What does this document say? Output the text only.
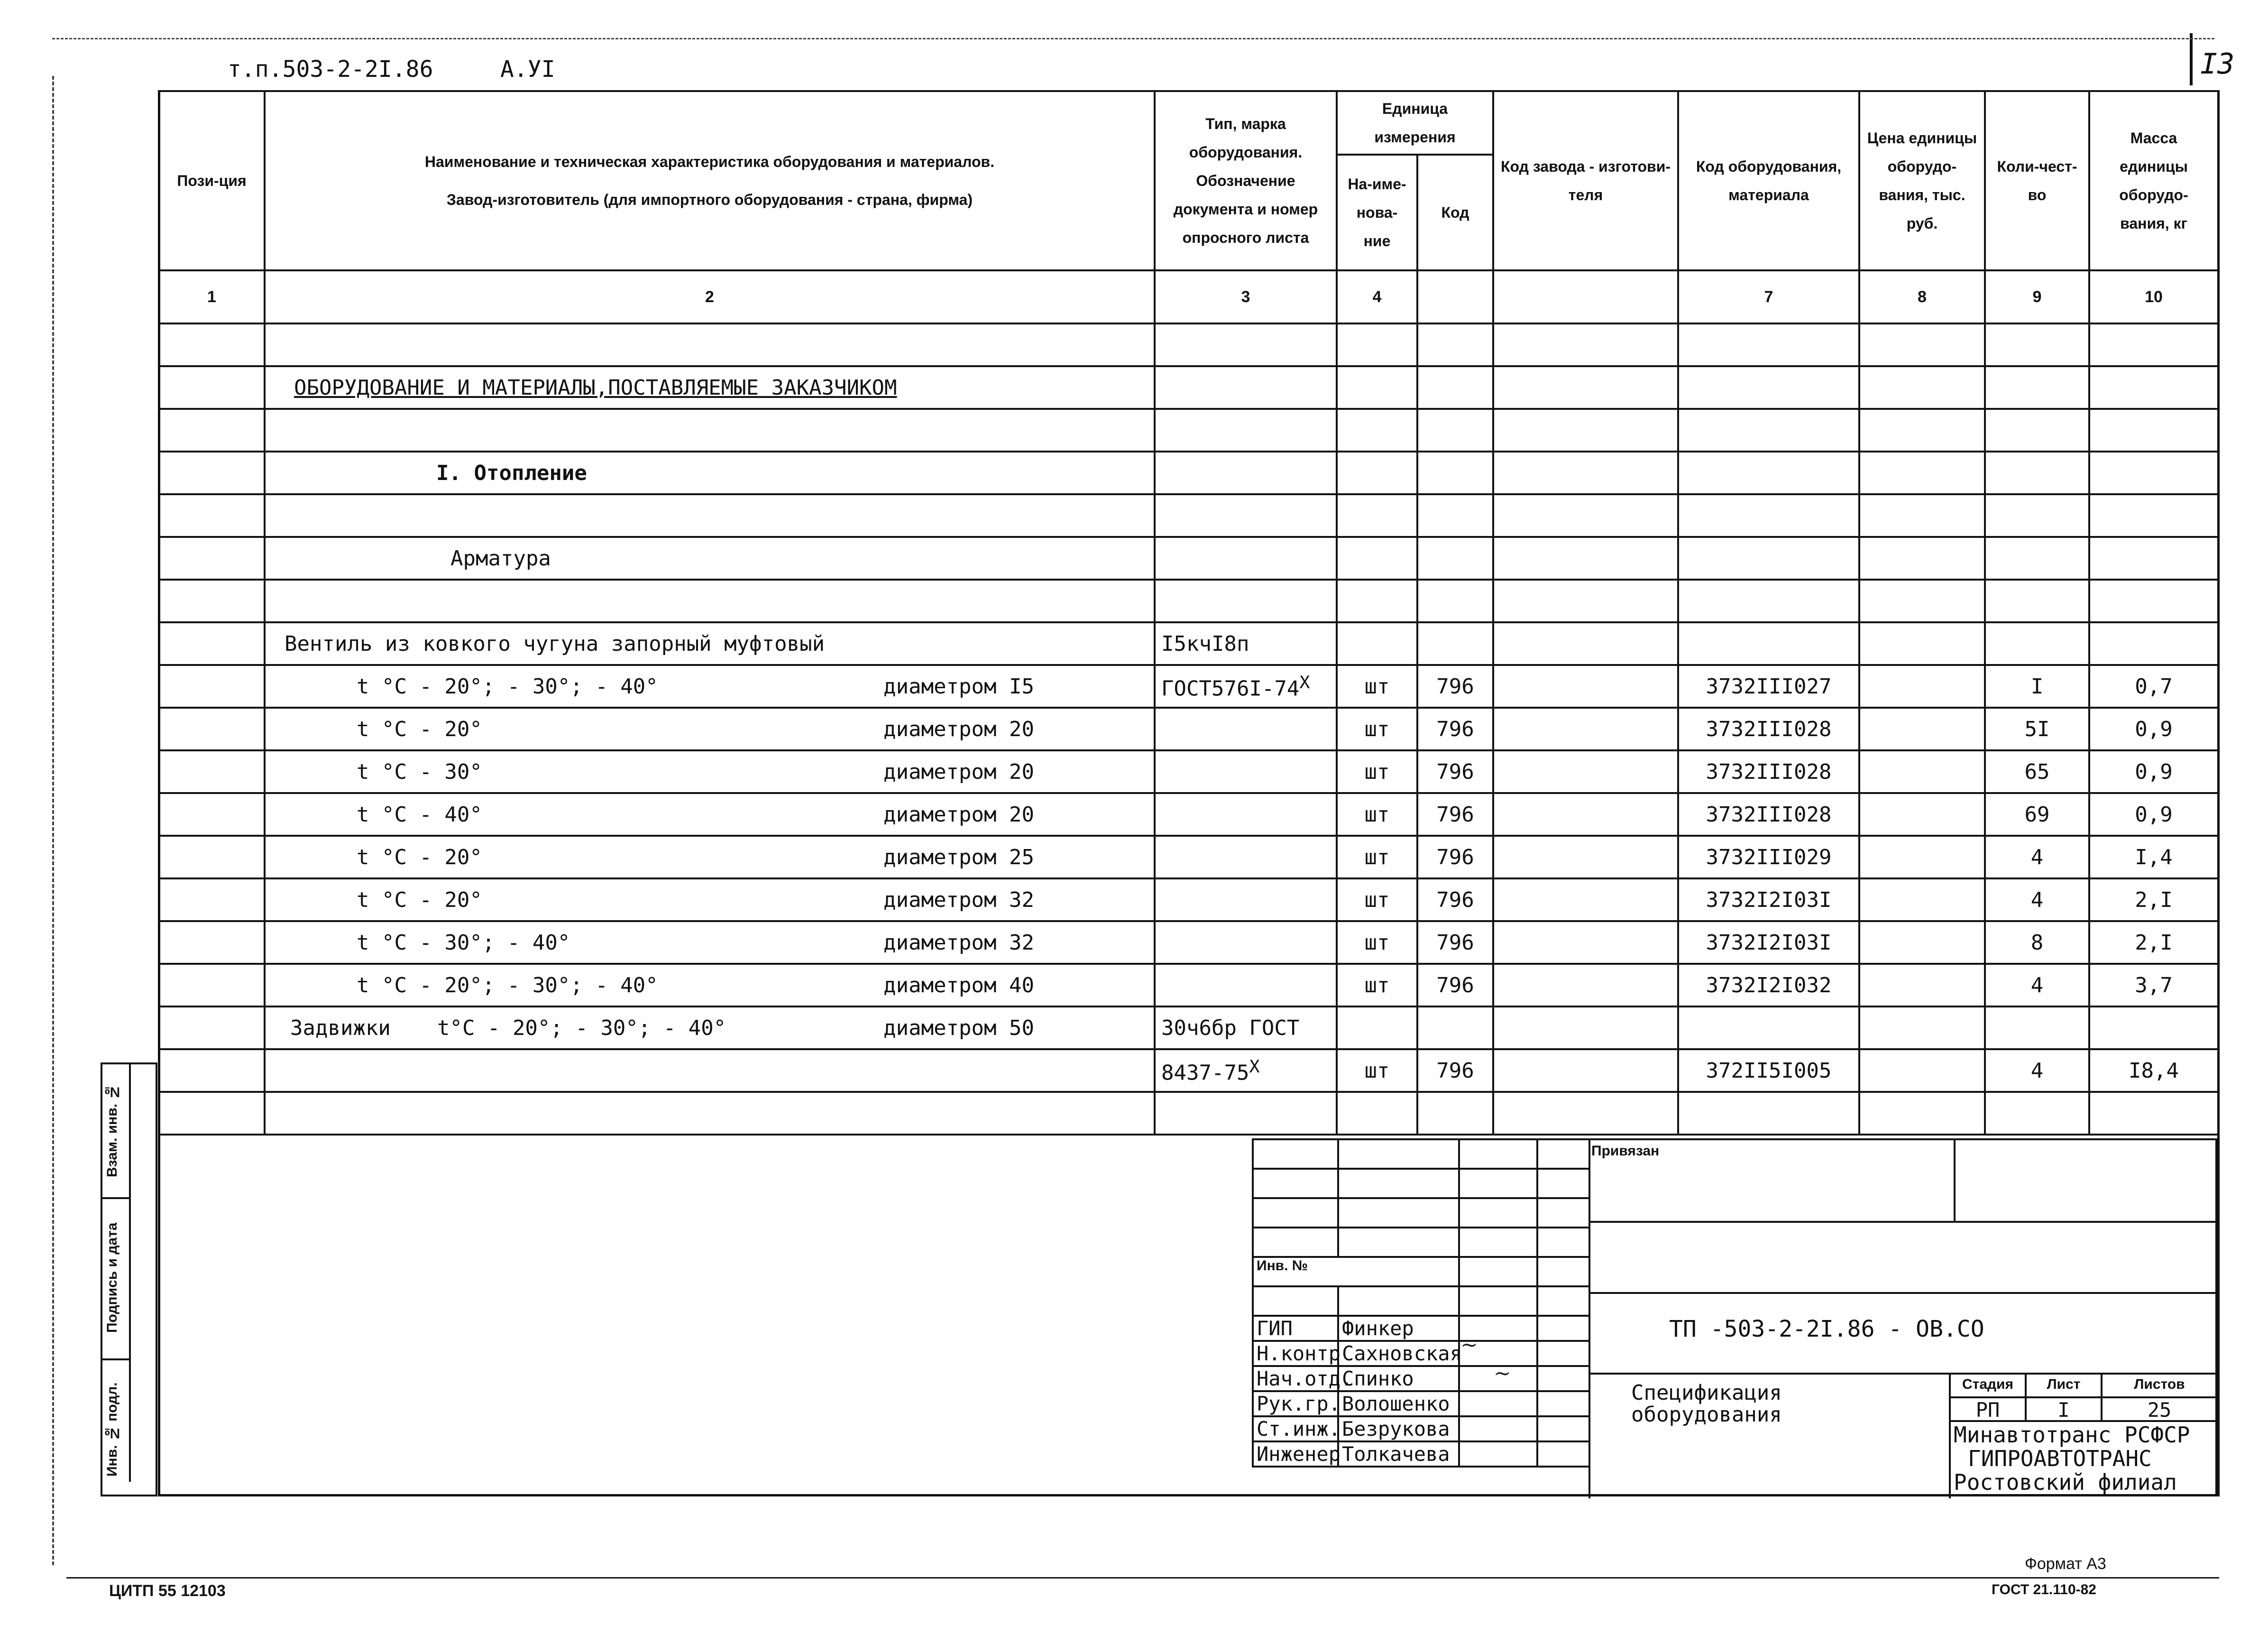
т.п.503-2-2I.86	А.УI	I3
Пози-ция	Наименование и техническая характеристика оборудования и материалов.
Завод-изготовитель (для импортного оборудования - страна, фирма)	Тип, марка оборудования. Обозначение документа и номер опросного листа	Единица измерения		Код завода - изготови-теля	Код оборудования, материала	Цена единицы оборудо-вания, тыс. руб.	Коли-чест-во	Масса единицы оборудо-вания, кг
			На-име-нова-ние	Код					
1	2	3	4			7	8	9	10

	ОБОРУДОВАНИЕ И МАТЕРИАЛЫ,ПОСТАВЛЯЕМЫЕ ЗАКАЗЧИКОМ								

	I. Отопление								

	Арматура								

	Вентиль из ковкого чугуна запорный муфтовый	I5кчI8п							

	t °C - 20°; - 30°; - 40° диаметром I5	$ГОСТ576I-74^X$	шт	796		3732III027		I	0,7

	t °C - 20° диаметром 20		шт	796		3732III028		5I	0,9

	t °C - 30° диаметром 20		шт	796		3732III028		65	0,9

	t °C - 40° диаметром 20		шт	796		3732III028		69	0,9

	t °C - 20° диаметром 25		шт	796		3732III029		4	I,4

	t °C - 20° диаметром 32		шт	796		3732I2I03I		4	2,I

	t °C - 30°; - 40° диаметром 32		шт	796		3732I2I03I		8	2,I

	t °C - 20°; - 30°; - 40° диаметром 40		шт	796		3732I2I032		4	3,7

	Задвижки t°C - 20°; - 30°; - 40° диаметром 50	30ч6бр ГОСТ							
		$8437-75^X$	шт	796		372II5I005		4	I8,4

Взам. инв. №
Подпись и дата
Инв. № подл.

Инв. №			

ГИП	Финкер		
Н.контр	Сахновская		
Нач.отд.	Спинко		
Рук.гр.	Волошенко		
Ст.инж.	Безрукова		
Инженер	Толкачева		
Привязан
ТП -503-2-2I.86 - ОВ.СО
Спецификация оборудования
Стадия	Лист	Листов
РП	I	25
Минавтотранс РСФСР
ГИПРОАВТОТРАНС
Ростовский филиал
~
~
Формат А3
ЦИТП 55 12103	ГОСТ 21.110-82
